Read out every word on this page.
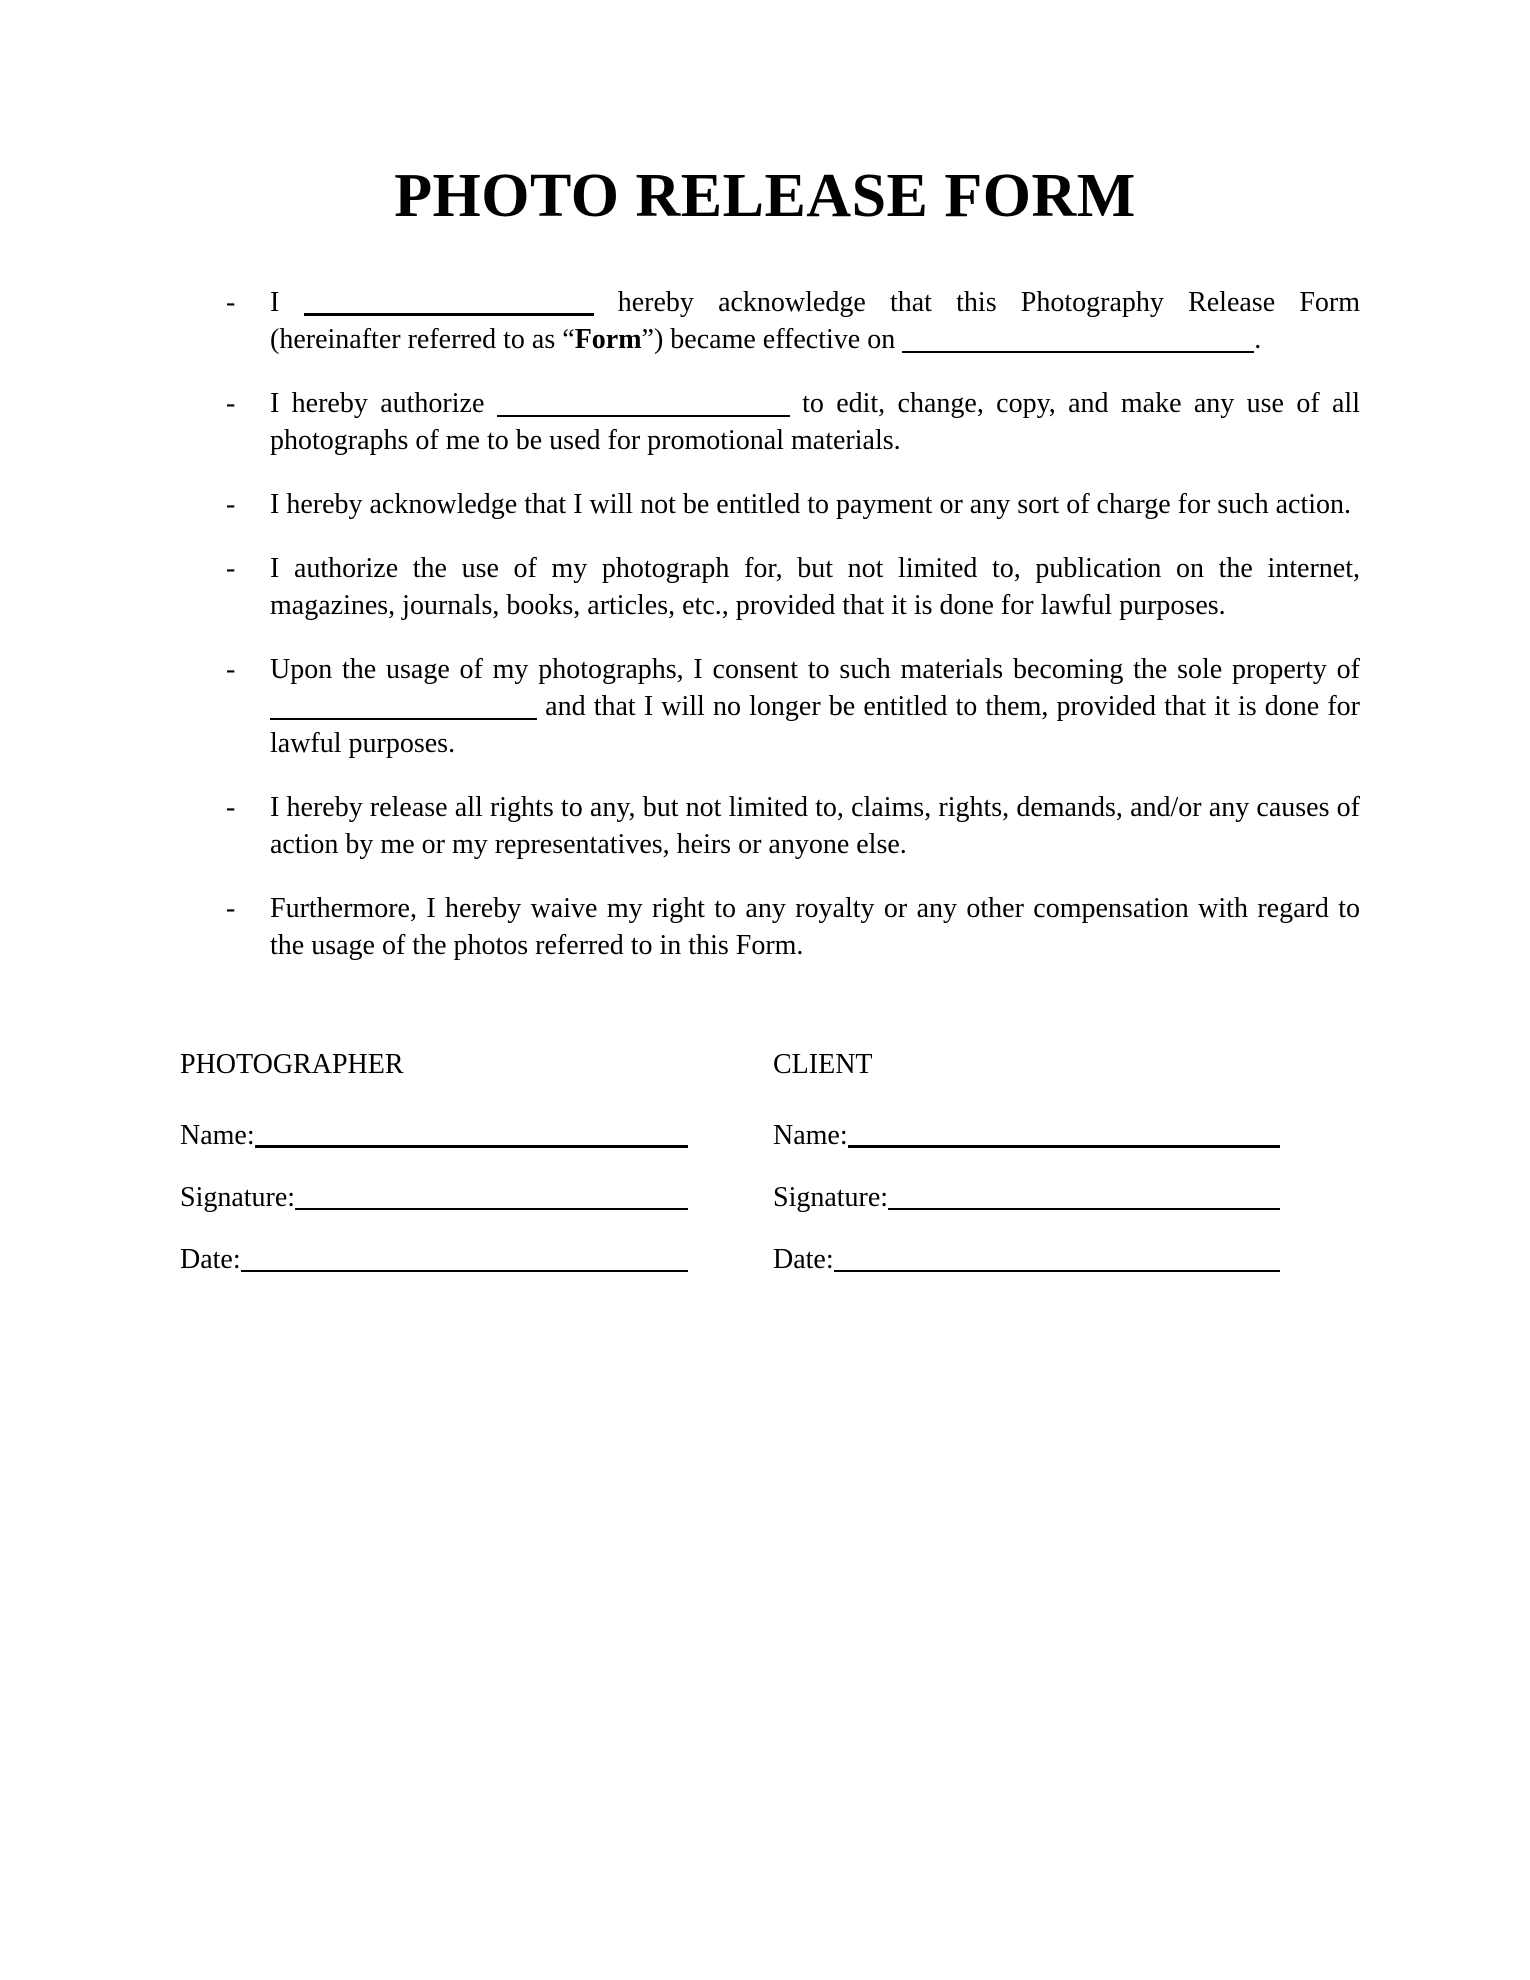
PHOTO RELEASE FORM
-	I	hereby acknowledge that this Photography Release Form (hereinafter referred to as “Form”) became effective on	.
-	I hereby authorize	to edit, change, copy, and make any use of all photographs of me to be used for promotional materials.
-	I hereby acknowledge that I will not be entitled to payment or any sort of charge for such action.
-	I authorize the use of my photograph for, but not limited to, publication on the internet, magazines, journals, books, articles, etc., provided that it is done for lawful purposes.
-	Upon the usage of my photographs, I consent to such materials becoming the sole property of  and that I will no longer be entitled to them, provided that it is done for lawful purposes.
-	I hereby release all rights to any, but not limited to, claims, rights, demands, and/or any causes of action by me or my representatives, heirs or anyone else.
-	Furthermore, I hereby waive my right to any royalty or any other compensation with regard to the usage of the photos referred to in this Form.
PHOTOGRAPHER
Name:
Signature:
Date:
CLIENT
Name:
Signature:
Date:
